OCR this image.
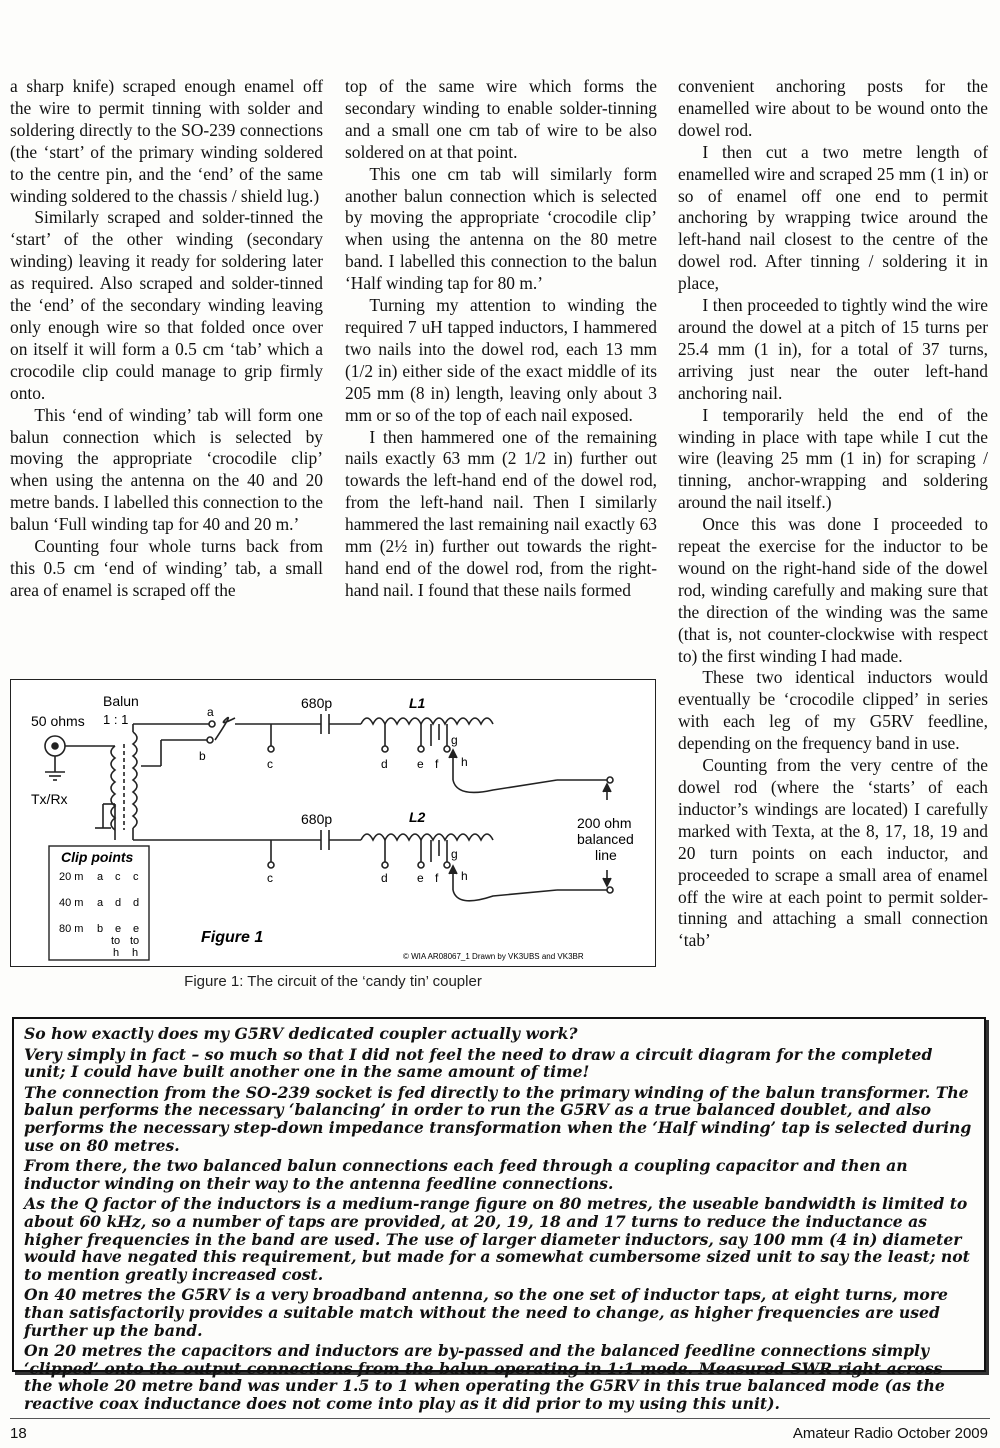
a sharp knife) scraped enough enamel off the wire to permit tinning with solder and soldering directly to the SO-239 connections (the ‘start’ of the primary winding soldered to the centre pin, and the ‘end’ of the same winding soldered to the chassis / shield lug.)

Similarly scraped and solder-tinned the ‘start’ of the other winding (secondary winding) leaving it ready for soldering later as required. Also scraped and solder-tinned the ‘end’ of the secondary winding leaving only enough wire so that folded once over on itself it will form a 0.5 cm ‘tab’ which a crocodile clip could manage to grip firmly onto.

This ‘end of winding’ tab will form one balun connection which is selected by moving the appropriate ‘crocodile clip’ when using the antenna on the 40 and 20 metre bands. I labelled this connection to the balun ‘Full winding tap for 40 and 20 m.’

Counting four whole turns back from this 0.5 cm ‘end of winding’ tab, a small area of enamel is scraped off the

top of the same wire which forms the secondary winding to enable solder-tinning and a small one cm tab of wire to be also soldered on at that point.

This one cm tab will similarly form another balun connection which is selected by moving the appropriate ‘crocodile clip’ when using the antenna on the 80 metre band. I labelled this connection to the balun ‘Half winding tap for 80 m.’

Turning my attention to winding the required 7 uH tapped inductors, I hammered two nails into the dowel rod, each 13 mm (1/2 in) either side of the exact middle of its 205 mm (8 in) length, leaving only about 3 mm or so of the top of each nail exposed.

I then hammered one of the remaining nails exactly 63 mm (2 1/2 in) further out towards the left-hand end of the dowel rod, from the left-hand nail. Then I similarly hammered the last remaining nail exactly 63 mm (2½ in) further out towards the right-hand end of the dowel rod, from the right-hand nail. I found that these nails formed

convenient anchoring posts for the enamelled wire about to be wound onto the dowel rod.

I then cut a two metre length of enamelled wire and scraped 25 mm (1 in) or so of enamel off one end to permit anchoring by wrapping twice around the left-hand nail closest to the centre of the dowel rod. After tinning / soldering it in place,

I then proceeded to tightly wind the wire around the dowel at a pitch of 15 turns per 25.4 mm (1 in), for a total of 37 turns, arriving just near the outer left-hand anchoring nail.

I temporarily held the end of the winding in place with tape while I cut the wire (leaving 25 mm (1 in) for scraping / tinning, anchor-wrapping and soldering around the nail itself.)

Once this was done I proceeded to repeat the exercise for the inductor to be wound on the right-hand side of the dowel rod, winding carefully and making sure that the direction of the winding was the same (that is, not counter-clockwise with respect to) the first winding I had made.

These two identical inductors would eventually be ‘crocodile clipped’ in series with each leg of my G5RV feedline, depending on the frequency band in use.

Counting from the very centre of the dowel rod (where the ‘starts’ of each inductor’s windings are located) I carefully marked with Texta, at the 8, 17, 18, 19 and 20 turn points on each inductor, and proceeded to scrape a small area of enamel off the wire at each point to permit solder-tinning and attaching a small connection ‘tab’

Balun
1 : 1
50 ohms
Tx/Rx
680p
680p
L1
L2	200 ohm
balanced
line
a
b
c	d e f
g
h
c	d e f
g
h
Clip points
20 m a c c
40 m a d d
80 m b e e
to to
h h
Figure 1
© WIA AR08067_1 Drawn by VK3UBS and VK3BR
Figure 1: The circuit of the ‘candy tin’ coupler

So how exactly does my G5RV dedicated coupler actually work?

Very simply in fact – so much so that I did not feel the need to draw a circuit diagram for the completed unit; I could have built another one in the same amount of time!

The connection from the SO-239 socket is fed directly to the primary winding of the balun transformer. The balun performs the necessary ‘balancing’ in order to run the G5RV as a true balanced doublet, and also performs the necessary step-down impedance transformation when the ‘Half winding’ tap is selected during use on 80 metres.

From there, the two balanced balun connections each feed through a coupling capacitor and then an inductor winding on their way to the antenna feedline connections.

As the Q factor of the inductors is a medium-range figure on 80 metres, the useable bandwidth is limited to about 60 kHz, so a number of taps are provided, at 20, 19, 18 and 17 turns to reduce the inductance as higher frequencies in the band are used. The use of larger diameter inductors, say 100 mm (4 in) diameter would have negated this requirement, but made for a somewhat cumbersome sized unit to say the least; not to mention greatly increased cost.

On 40 metres the G5RV is a very broadband antenna, so the one set of inductor taps, at eight turns, more than satisfactorily provides a suitable match without the need to change, as higher frequencies are used further up the band.

On 20 metres the capacitors and inductors are by-passed and the balanced feedline connections simply ‘clipped’ onto the output connections from the balun operating in 1:1 mode. Measured SWR right across the whole 20 metre band was under 1.5 to 1 when operating the G5RV in this true balanced mode (as the reactive coax inductance does not come into play as it did prior to my using this unit).

18	Amateur Radio October 2009
